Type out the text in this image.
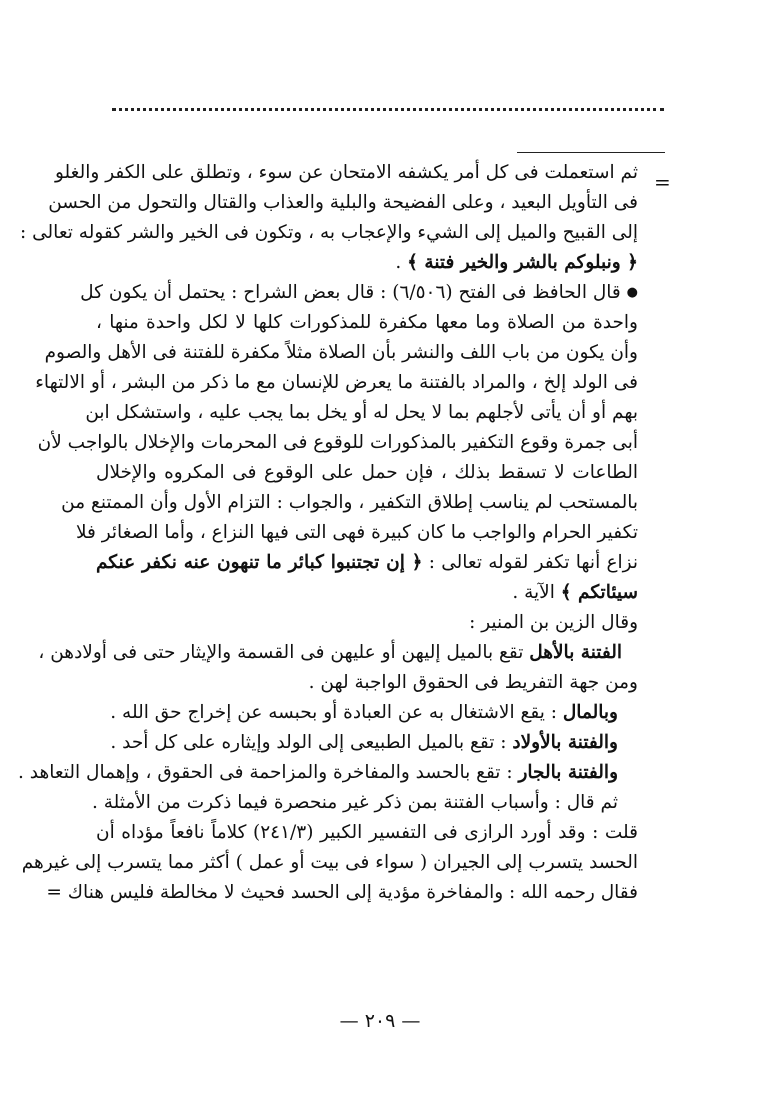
=
ثم استعملت فى كل أمر يكشفه الامتحان عن سوء ، وتطلق على الكفر والغلو
فى التأويل البعيد ، وعلى الفضيحة والبلية والعذاب والقتال والتحول من الحسن
إلى القبيح والميل إلى الشيء والإعجاب به ، وتكون فى الخير والشر كقوله تعالى :
﴿ ونبلوكم بالشر والخير فتنة ﴾ .
● قال الحافظ فى الفتح (٦/٥٠٦) : قال بعض الشراح : يحتمل أن يكون كل
واحدة من الصلاة وما معها مكفرة للمذكورات كلها لا لكل واحدة منها ،
وأن يكون من باب اللف والنشر بأن الصلاة مثلاً مكفرة للفتنة فى الأهل والصوم
فى الولد إلخ ، والمراد بالفتنة ما يعرض للإنسان مع ما ذكر من البشر ، أو الالتهاء
بهم أو أن يأتى لأجلهم بما لا يحل له أو يخل بما يجب عليه ، واستشكل ابن
أبى جمرة وقوع التكفير بالمذكورات للوقوع فى المحرمات والإخلال بالواجب لأن
الطاعات لا تسقط بذلك ، فإن حمل على الوقوع فى المكروه والإخلال
بالمستحب لم يناسب إطلاق التكفير ، والجواب : التزام الأول وأن الممتنع من
تكفير الحرام والواجب ما كان كبيرة فهى التى فيها النزاع ، وأما الصغائر فلا
نزاع أنها تكفر لقوله تعالى : ﴿ إن تجتنبوا كبائر ما تنهون عنه نكفر عنكم
سيئاتكم ﴾ الآية .
وقال الزين بن المنير :
الفتنة بالأهل تقع بالميل إليهن أو عليهن فى القسمة والإيثار حتى فى أولادهن ،
ومن جهة التفريط فى الحقوق الواجبة لهن .
وبالمال : يقع الاشتغال به عن العبادة أو بحبسه عن إخراج حق الله .
والفتنة بالأولاد : تقع بالميل الطبيعى إلى الولد وإيثاره على كل أحد .
والفتنة بالجار : تقع بالحسد والمفاخرة والمزاحمة فى الحقوق ، وإهمال التعاهد .
ثم قال : وأسباب الفتنة بمن ذكر غير منحصرة فيما ذكرت من الأمثلة .
قلت : وقد أورد الرازى فى التفسير الكبير (٢٤١/٣) كلاماً نافعاً مؤداه أن
الحسد يتسرب إلى الجيران ( سواء فى بيت أو عمل ) أكثر مما يتسرب إلى غيرهم
فقال رحمه الله : والمفاخرة مؤدية إلى الحسد فحيث لا مخالطة فليس هناك =
— ٢٠٩ —
